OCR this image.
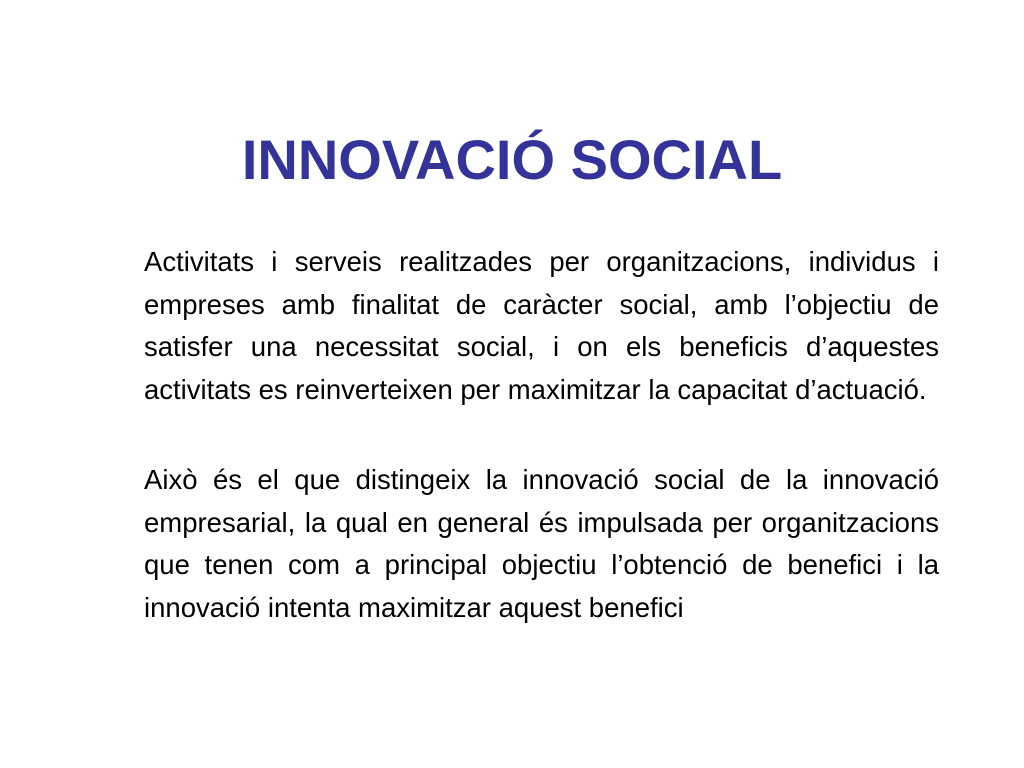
INNOVACIÓ SOCIAL

Activitats i serveis realitzades per organitzacions, individus i empreses amb finalitat de caràcter social, amb l’objectiu de satisfer una necessitat social, i on els beneficis d’aquestes activitats es reinverteixen per maximitzar la capacitat d’actuació.

Això és el que distingeix la innovació social de la innovació empresarial, la qual en general és impulsada per organitzacions que tenen com a principal objectiu l’obtenció de benefici i la innovació intenta maximitzar aquest benefici
